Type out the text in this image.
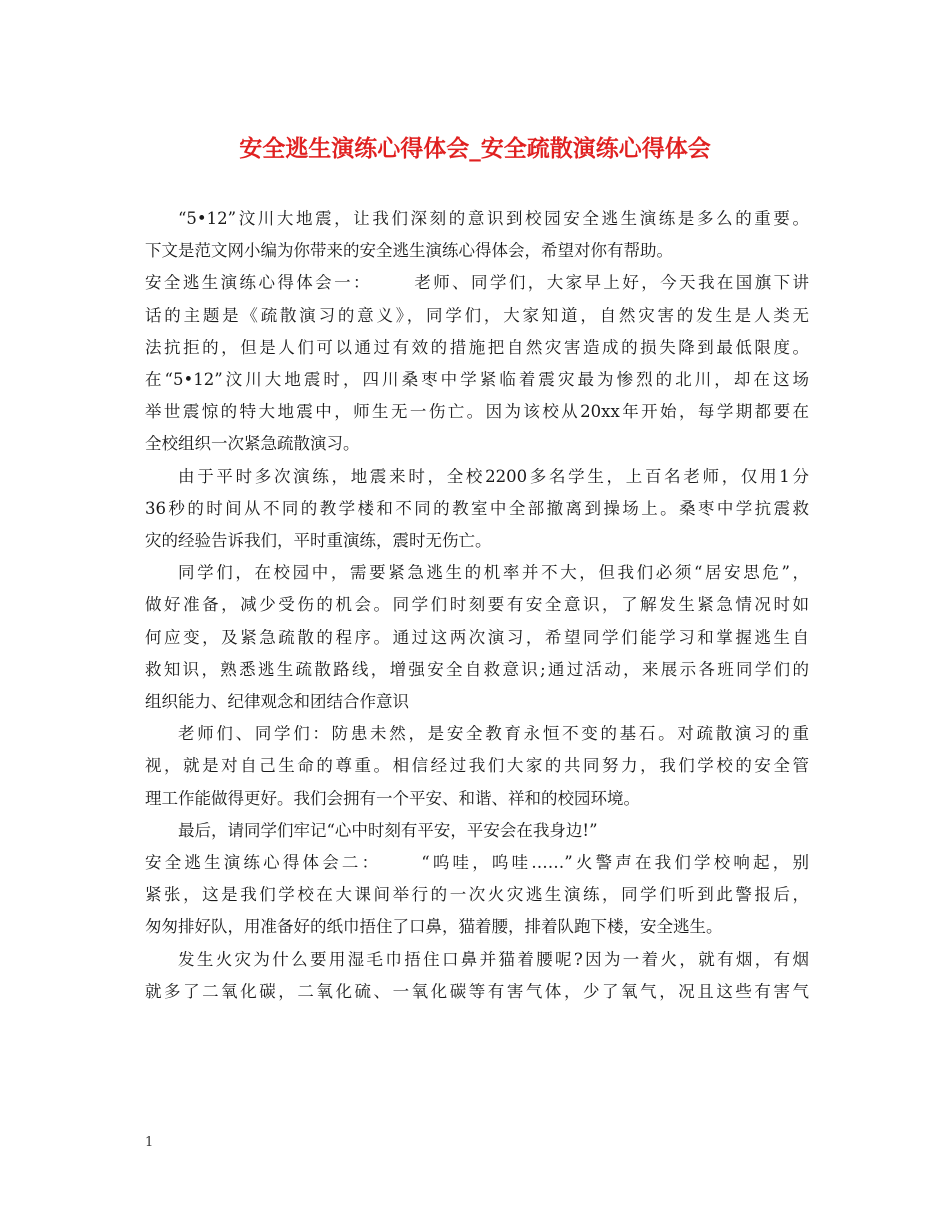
安全逃生演练心得体会_安全疏散演练心得体会
“5•12”汶川大地震，让我们深刻的意识到校园安全逃生演练是多么的重要。
下文是范文网小编为你带来的安全逃生演练心得体会，希望对你有帮助。
安全逃生演练心得体会一： 老师、同学们，大家早上好，今天我在国旗下讲
话的主题是《疏散演习的意义》，同学们，大家知道，自然灾害的发生是人类无
法抗拒的，但是人们可以通过有效的措施把自然灾害造成的损失降到最低限度。
在“5•12”汶川大地震时，四川桑枣中学紧临着震灾最为惨烈的北川，却在这场
举世震惊的特大地震中，师生无一伤亡。因为该校从20xx年开始，每学期都要在
全校组织一次紧急疏散演习。
由于平时多次演练，地震来时，全校2200多名学生，上百名老师，仅用1分
36秒的时间从不同的教学楼和不同的教室中全部撤离到操场上。桑枣中学抗震救
灾的经验告诉我们，平时重演练，震时无伤亡。
同学们，在校园中，需要紧急逃生的机率并不大，但我们必须“居安思危”，
做好准备，减少受伤的机会。同学们时刻要有安全意识，了解发生紧急情况时如
何应变，及紧急疏散的程序。通过这两次演习，希望同学们能学习和掌握逃生自
救知识，熟悉逃生疏散路线，增强安全自救意识;通过活动，来展示各班同学们的
组织能力、纪律观念和团结合作意识
老师们、同学们：防患未然，是安全教育永恒不变的基石。对疏散演习的重
视，就是对自己生命的尊重。相信经过我们大家的共同努力，我们学校的安全管
理工作能做得更好。我们会拥有一个平安、和谐、祥和的校园环境。
最后，请同学们牢记“心中时刻有平安，平安会在我身边!”
安全逃生演练心得体会二： “呜哇，呜哇……”火警声在我们学校响起，别
紧张，这是我们学校在大课间举行的一次火灾逃生演练，同学们听到此警报后，
匆匆排好队，用准备好的纸巾捂住了口鼻，猫着腰，排着队跑下楼，安全逃生。
发生火灾为什么要用湿毛巾捂住口鼻并猫着腰呢?因为一着火，就有烟，有烟
就多了二氧化碳，二氧化硫、一氧化碳等有害气体，少了氧气，况且这些有害气
1
